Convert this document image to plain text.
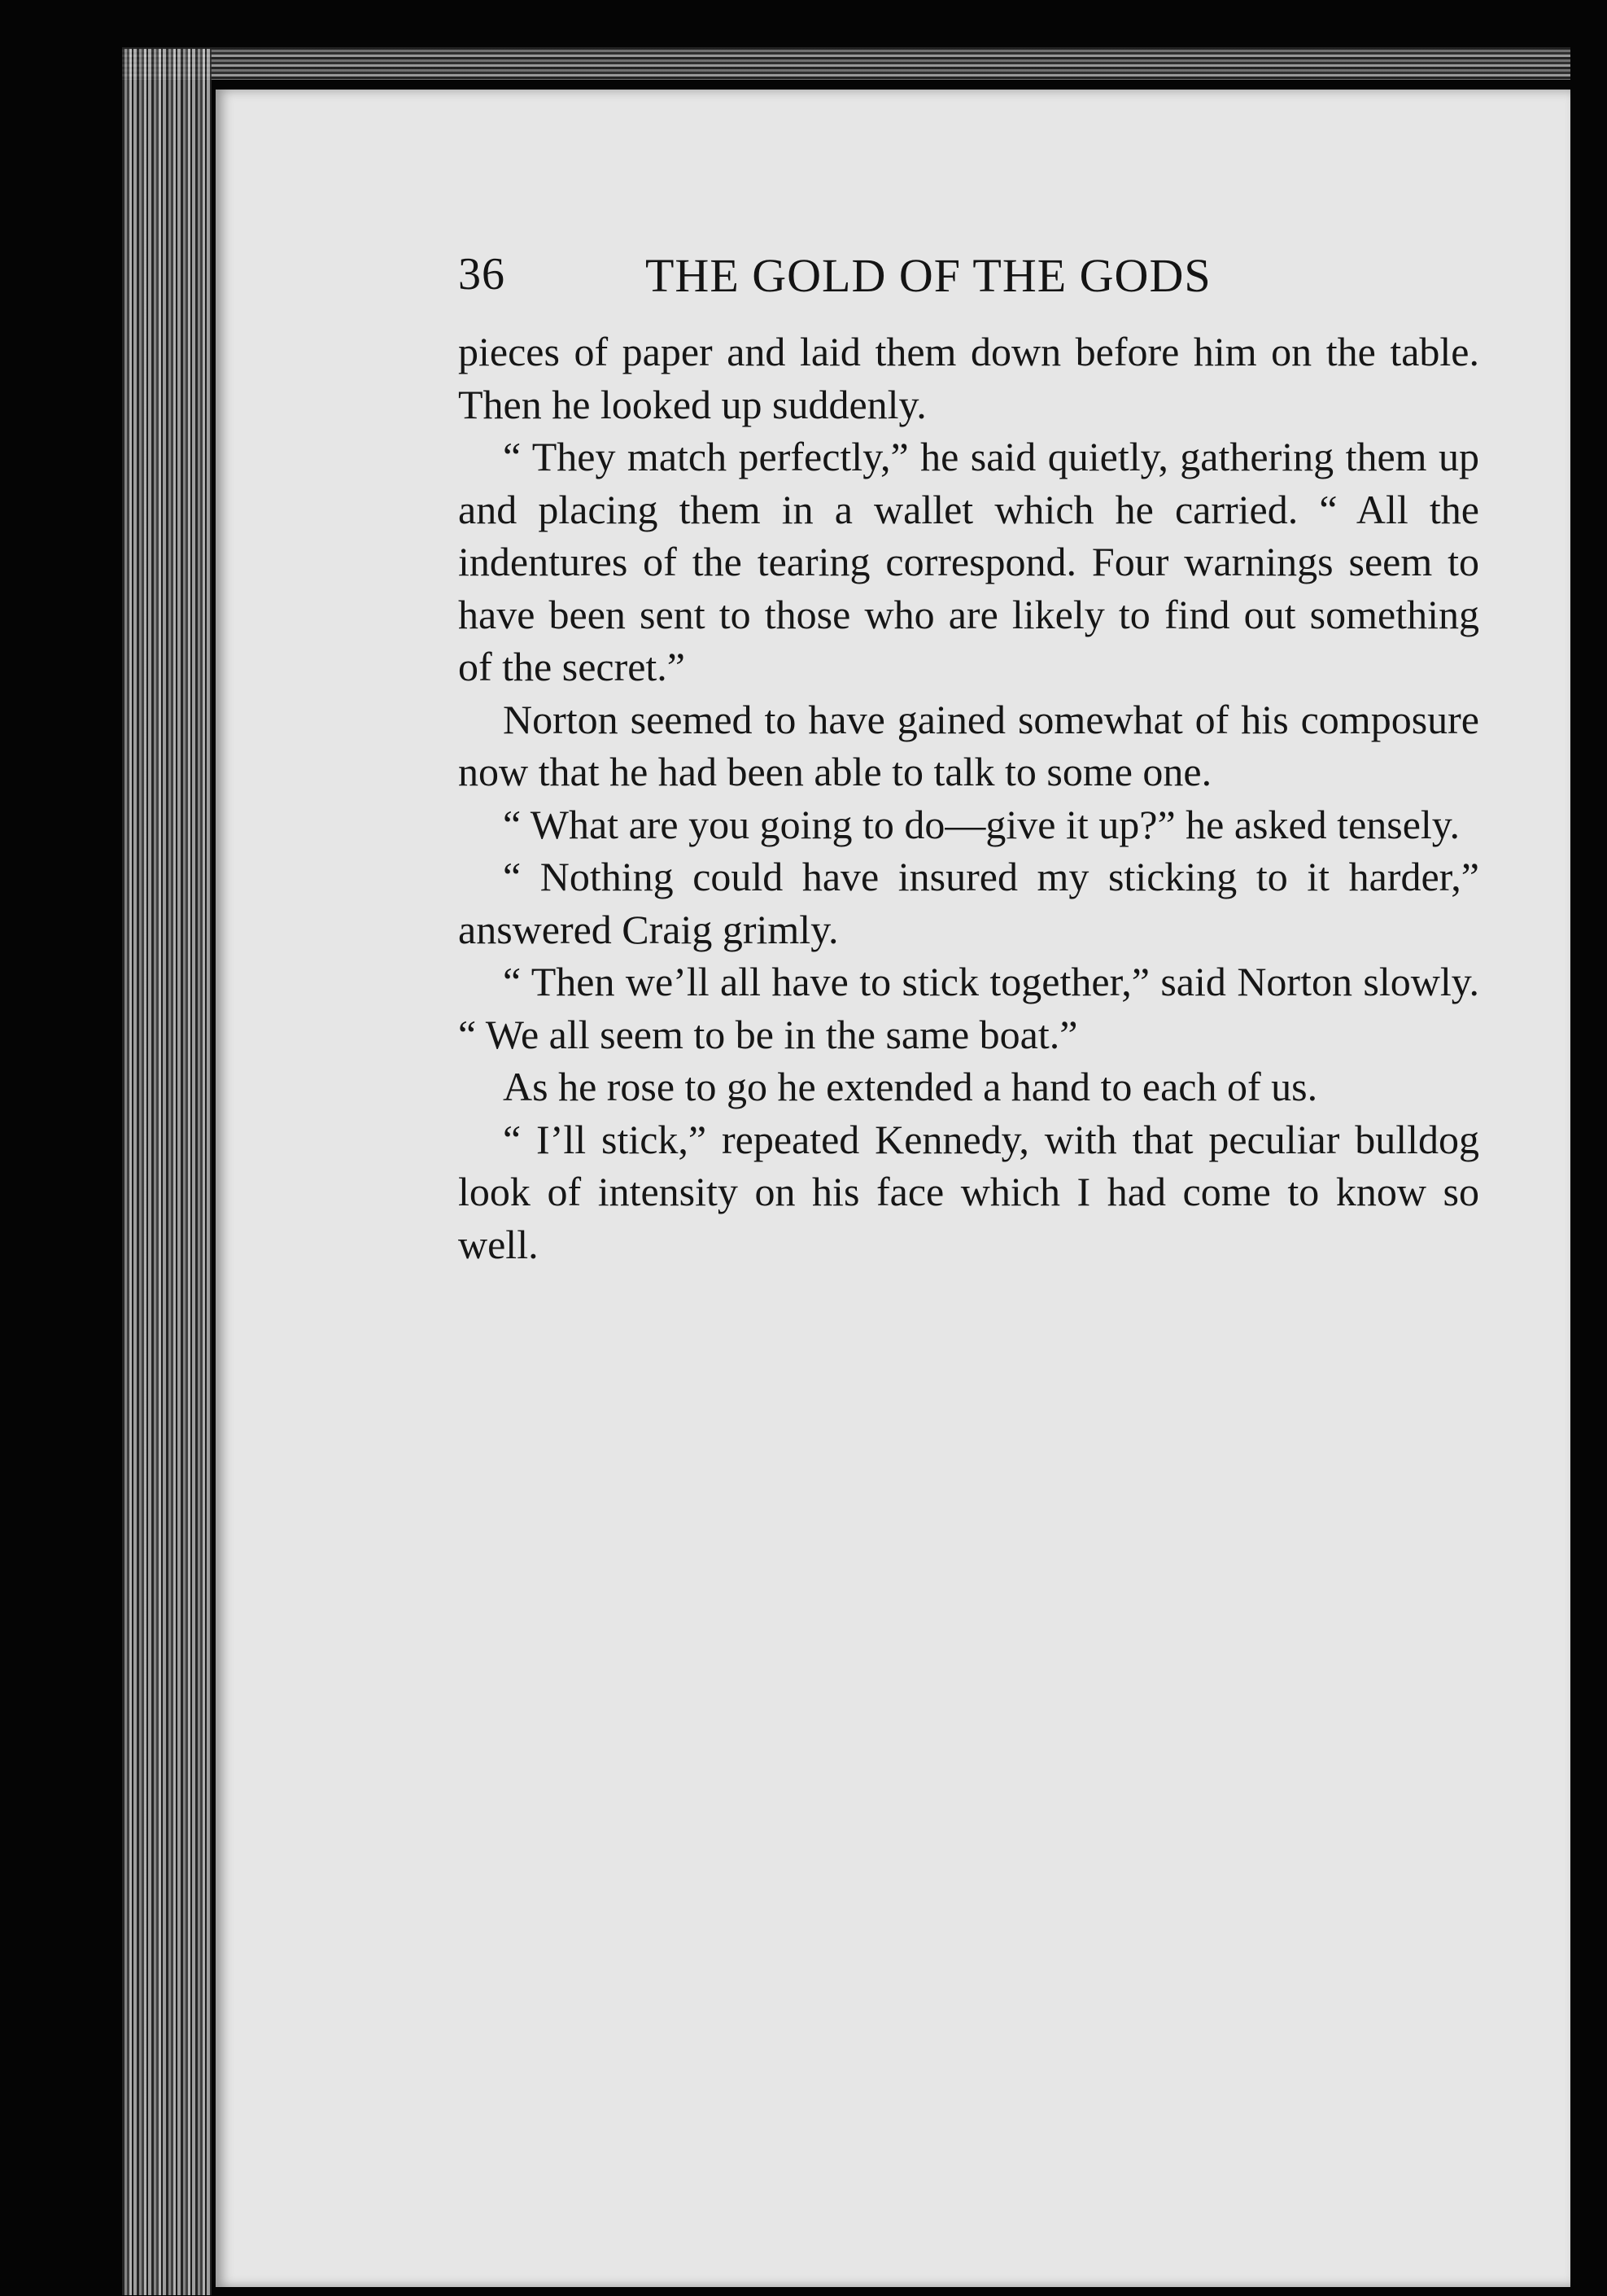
36	THE GOLD OF THE GODS

pieces of paper and laid them down before him on the table. Then he looked up suddenly.

“ They match perfectly,” he said quietly, gathering them up and placing them in a wallet which he carried. “ All the indentures of the tearing correspond. Four warnings seem to have been sent to those who are likely to find out something of the secret.”

Norton seemed to have gained somewhat of his composure now that he had been able to talk to some one.

“ What are you going to do—give it up?” he asked tensely.

“ Nothing could have insured my sticking to it harder,” answered Craig grimly.

“ Then we’ll all have to stick together,” said Norton slowly. “ We all seem to be in the same boat.”

As he rose to go he extended a hand to each of us.

“ I’ll stick,” repeated Kennedy, with that peculiar bulldog look of intensity on his face which I had come to know so well.
